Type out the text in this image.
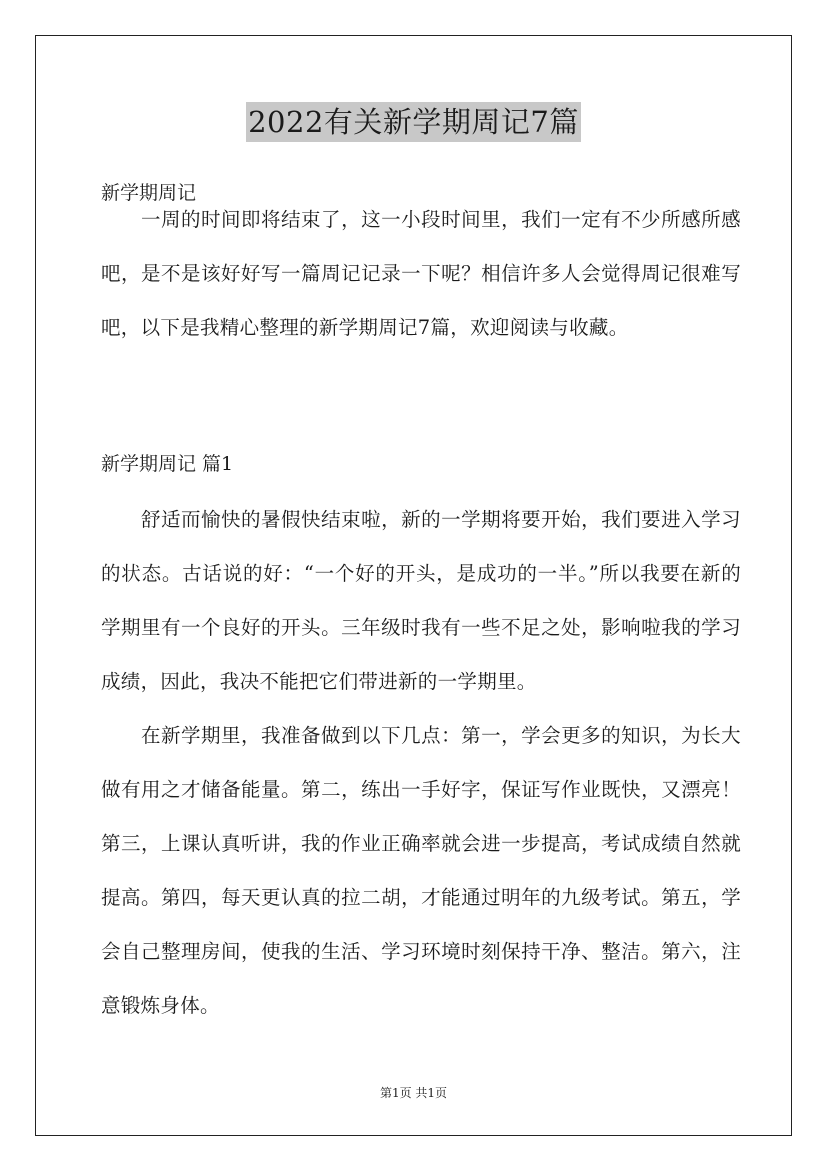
2022有关新学期周记7篇
新学期周记

一周的时间即将结束了，这一小段时间里，我们一定有不少所感所感吧，是不是该好好写一篇周记记录一下呢？相信许多人会觉得周记很难写吧，以下是我精心整理的新学期周记7篇，欢迎阅读与收藏。

新学期周记 篇1

舒适而愉快的暑假快结束啦，新的一学期将要开始，我们要进入学习的状态。古话说的好：“一个好的开头，是成功的一半。”所以我要在新的学期里有一个良好的开头。三年级时我有一些不足之处，影响啦我的学习成绩，因此，我决不能把它们带进新的一学期里。

在新学期里，我准备做到以下几点：第一，学会更多的知识，为长大做有用之才储备能量。第二，练出一手好字，保证写作业既快，又漂亮！第三，上课认真听讲，我的作业正确率就会进一步提高，考试成绩自然就提高。第四，每天更认真的拉二胡，才能通过明年的九级考试。第五，学会自己整理房间，使我的生活、学习环境时刻保持干净、整洁。第六，注意锻炼身体。

第1页 共1页
